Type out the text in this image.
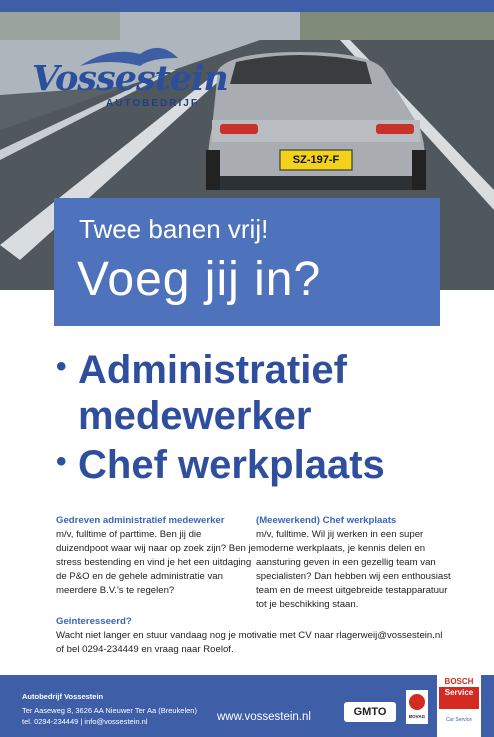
SZ-197-F
Vossestein
AUTOBEDRIJF
Twee banen vrij!
Voeg jij in?
• Administratief
medewerker
• Chef werkplaats
Gedreven administratief medewerker
m/v, fulltime of parttime. Ben jij die duizendpoot waar wij naar op zoek zijn? Ben je stress bestending en vind je het een uitdaging de P&O en de gehele administratie van meerdere B.V.'s te regelen?
(Meewerkend) Chef werkplaats
m/v, fulltime. Wil jij werken in een super moderne werkplaats, je kennis delen en aansturing geven in een gezellig team van specialisten? Dan hebben wij een enthousiast team en de meest uitgebreide testapparatuur tot je beschikking staan.
Geinteresseerd?
Wacht niet langer en stuur vandaag nog je motivatie met CV naar rlagerweij@vossestein.nl
of bel 0294-234449 en vraag naar Roelof.
Autobedrijf Vossestein
Ter Aaseweg 8, 3626 AA Nieuwer Ter Aa (Breukelen)
tel. 0294-234449 | info@vossestein.nl	www.vossestein.nl	GMTO	BOVAG
BOSCH
Service
Car Service
